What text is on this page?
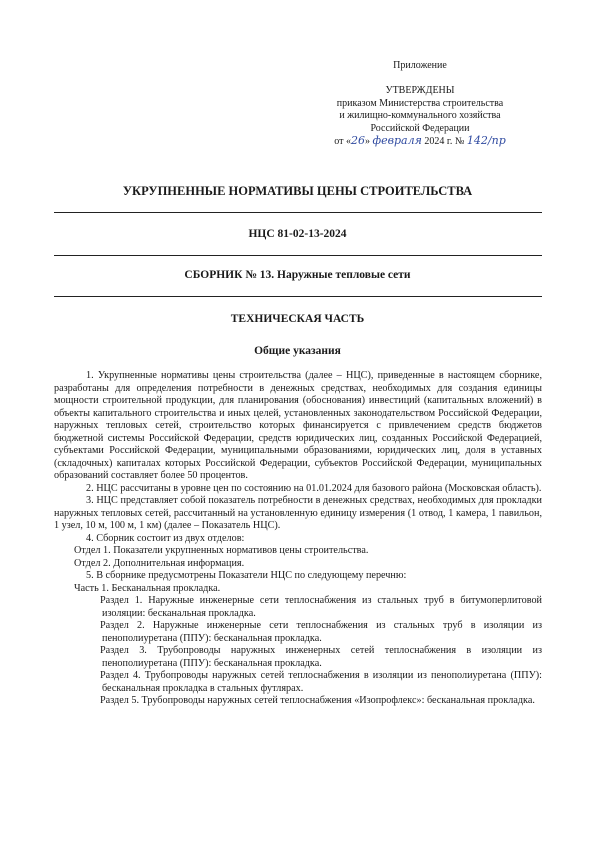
Приложение
УТВЕРЖДЕНЫ
приказом Министерства строительства
и жилищно-коммунального хозяйства
Российской Федерации
от «26» февраля 2024 г. № 142/пр
УКРУПНЕННЫЕ НОРМАТИВЫ ЦЕНЫ СТРОИТЕЛЬСТВА
НЦС 81-02-13-2024
СБОРНИК № 13. Наружные тепловые сети
ТЕХНИЧЕСКАЯ ЧАСТЬ
Общие указания

1. Укрупненные нормативы цены строительства (далее – НЦС), приведенные в настоящем сборнике, разработаны для определения потребности в денежных средствах, необходимых для создания единицы мощности строительной продукции, для планирования (обоснования) инвестиций (капитальных вложений) в объекты капитального строительства и иных целей, установленных законодательством Российской Федерации, наружных тепловых сетей, строительство которых финансируется с привлечением средств бюджетов бюджетной системы Российской Федерации, средств юридических лиц, созданных Российской Федерацией, субъектами Российской Федерации, муниципальными образованиями, юридических лиц, доля в уставных (складочных) капиталах которых Российской Федерации, субъектов Российской Федерации, муниципальных образований составляет более 50 процентов.

2. НЦС рассчитаны в уровне цен по состоянию на 01.01.2024 для базового района (Московская область).

3. НЦС представляет собой показатель потребности в денежных средствах, необходимых для прокладки наружных тепловых сетей, рассчитанный на установленную единицу измерения (1 отвод, 1 камера, 1 павильон, 1 узел, 10 м, 100 м, 1 км) (далее – Показатель НЦС).

4. Сборник состоит из двух отделов:

Отдел 1. Показатели укрупненных нормативов цены строительства.

Отдел 2. Дополнительная информация.

5. В сборнике предусмотрены Показатели НЦС по следующему перечню:

Часть 1. Бесканальная прокладка.

Раздел 1. Наружные инженерные сети теплоснабжения из стальных труб в битумоперлитовой изоляции: бесканальная прокладка.

Раздел 2. Наружные инженерные сети теплоснабжения из стальных труб в изоляции из пенополиуретана (ППУ): бесканальная прокладка.

Раздел 3. Трубопроводы наружных инженерных сетей теплоснабжения в изоляции из пенополиуретана (ППУ): бесканальная прокладка.

Раздел 4. Трубопроводы наружных сетей теплоснабжения в изоляции из пенополиуретана (ППУ): бесканальная прокладка в стальных футлярах.

Раздел 5. Трубопроводы наружных сетей теплоснабжения «Изопрофлекс»: бесканальная прокладка.
